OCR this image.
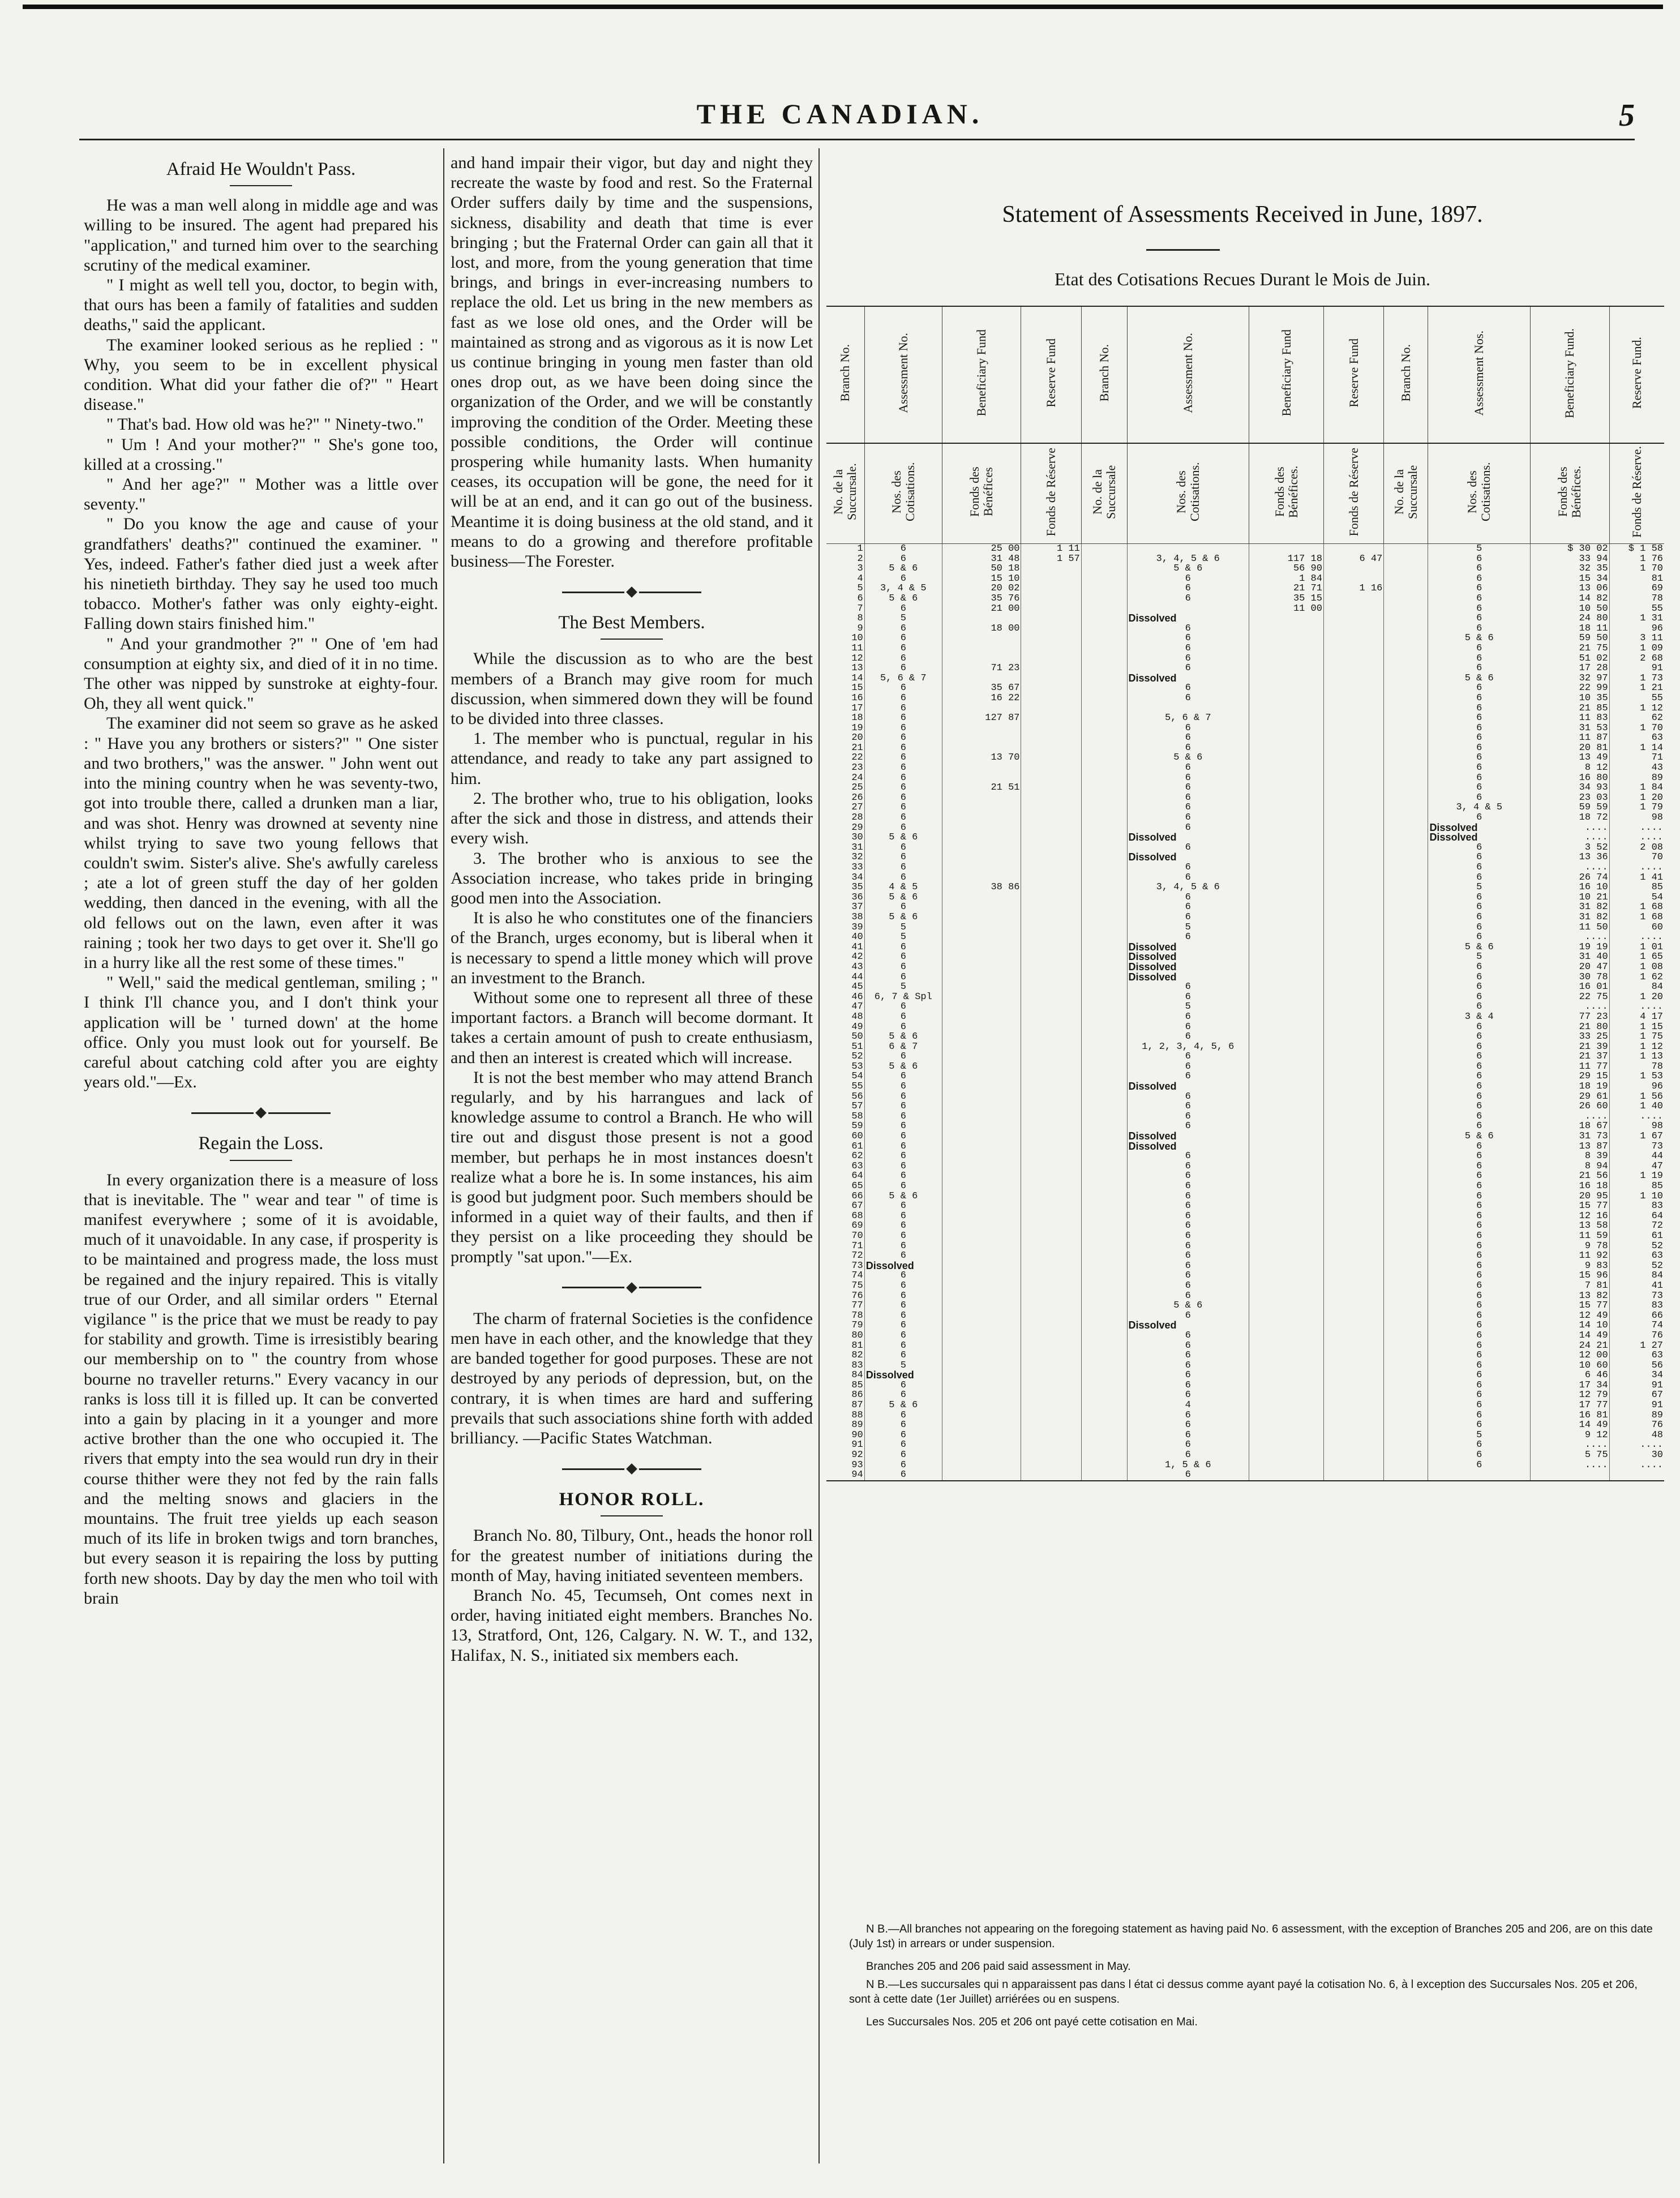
THE CANADIAN.	5
Afraid He Wouldn't Pass.

He was a man well along in middle age and was willing to be insured. The agent had prepared his "application," and turned him over to the searching scrutiny of the medical examiner.

" I might as well tell you, doctor, to begin with, that ours has been a family of fatalities and sudden deaths," said the applicant.

The examiner looked serious as he replied : " Why, you seem to be in excellent physical condition. What did your father die of?" " Heart disease."

" That's bad. How old was he?" " Ninety-two."

" Um ! And your mother?" " She's gone too, killed at a crossing."

" And her age?" " Mother was a little over seventy."

" Do you know the age and cause of your grandfathers' deaths?" continued the examiner. " Yes, indeed. Father's father died just a week after his ninetieth birthday. They say he used too much tobacco. Mother's father was only eighty-eight. Falling down stairs finished him."

" And your grandmother ?" " One of 'em had consumption at eighty six, and died of it in no time. The other was nipped by sunstroke at eighty-four. Oh, they all went quick."

The examiner did not seem so grave as he asked : " Have you any brothers or sisters?" " One sister and two brothers," was the answer. " John went out into the mining country when he was seventy-two, got into trouble there, called a drunken man a liar, and was shot. Henry was drowned at seventy nine whilst trying to save two young fellows that couldn't swim. Sister's alive. She's awfully careless ; ate a lot of green stuff the day of her golden wedding, then danced in the evening, with all the old fellows out on the lawn, even after it was raining ; took her two days to get over it. She'll go in a hurry like all the rest some of these times."

" Well," said the medical gentleman, smiling ; " I think I'll chance you, and I don't think your application will be ' turned down' at the home office. Only you must look out for yourself. Be careful about catching cold after you are eighty years old."—Ex.

Regain the Loss.

In every organization there is a measure of loss that is inevitable. The " wear and tear " of time is manifest everywhere ; some of it is avoidable, much of it unavoidable. In any case, if prosperity is to be maintained and progress made, the loss must be regained and the injury repaired. This is vitally true of our Order, and all similar orders " Eternal vigilance " is the price that we must be ready to pay for stability and growth. Time is irresistibly bearing our membership on to " the country from whose bourne no traveller returns." Every vacancy in our ranks is loss till it is filled up. It can be converted into a gain by placing in it a younger and more active brother than the one who occupied it. The rivers that empty into the sea would run dry in their course thither were they not fed by the rain falls and the melting snows and glaciers in the mountains. The fruit tree yields up each season much of its life in broken twigs and torn branches, but every season it is repairing the loss by putting forth new shoots. Day by day the men who toil with brain

and hand impair their vigor, but day and night they recreate the waste by food and rest. So the Fraternal Order suffers daily by time and the suspensions, sickness, disability and death that time is ever bringing ; but the Fraternal Order can gain all that it lost, and more, from the young generation that time brings, and brings in ever-increasing numbers to replace the old. Let us bring in the new members as fast as we lose old ones, and the Order will be maintained as strong and as vigorous as it is now Let us continue bringing in young men faster than old ones drop out, as we have been doing since the organization of the Order, and we will be constantly improving the condition of the Order. Meeting these possible conditions, the Order will continue prospering while humanity lasts. When humanity ceases, its occupation will be gone, the need for it will be at an end, and it can go out of the business. Meantime it is doing business at the old stand, and it means to do a growing and therefore profitable business—The Forester.

The Best Members.

While the discussion as to who are the best members of a Branch may give room for much discussion, when simmered down they will be found to be divided into three classes.

1. The member who is punctual, regular in his attendance, and ready to take any part assigned to him.

2. The brother who, true to his obligation, looks after the sick and those in distress, and attends their every wish.

3. The brother who is anxious to see the Association increase, who takes pride in bringing good men into the Association.

It is also he who constitutes one of the financiers of the Branch, urges economy, but is liberal when it is necessary to spend a little money which will prove an investment to the Branch.

Without some one to represent all three of these important factors. a Branch will become dormant. It takes a certain amount of push to create enthusiasm, and then an interest is created which will increase.

It is not the best member who may attend Branch regularly, and by his harrangues and lack of knowledge assume to control a Branch. He who will tire out and disgust those present is not a good member, but perhaps he in most instances doesn't realize what a bore he is. In some instances, his aim is good but judgment poor. Such members should be informed in a quiet way of their faults, and then if they persist on a like proceeding they should be promptly "sat upon."—Ex.

The charm of fraternal Societies is the confidence men have in each other, and the knowledge that they are banded together for good purposes. These are not destroyed by any periods of depression, but, on the contrary, it is when times are hard and suffering prevails that such associations shine forth with added brilliancy. —Pacific States Watchman.

HONOR ROLL.

Branch No. 80, Tilbury, Ont., heads the honor roll for the greatest number of initiations during the month of May, having initiated seventeen members.

Branch No. 45, Tecumseh, Ont comes next in order, having initiated eight members. Branches No. 13, Stratford, Ont, 126, Calgary. N. W. T., and 132, Halifax, N. S., initiated six members each.

Statement of Assessments Received in June, 1897.
Etat des Cotisations Recues Durant le Mois de Juin.
Branch No.	Assessment No.	Beneficiary Fund	Reserve Fund	Branch No.	Assessment No.	Beneficiary Fund	Reserve Fund	Branch No.	Assessment Nos.	Beneficiary Fund.	Reserve Fund.
No. de la Succursale.	Nos. des Cotisations.	Fonds des Bénéfices	Fonds de Réserve	No. de la Succursale	Nos. des Cotisations.	Fonds des Bénéfices.	Fonds de Réserve	No. de la Succursale	Nos. des Cotisations.	Fonds des Bénéfices.	Fonds de Réserve.
1	6	25 00	1 11						5	$ 30 02	$ 1 58
2	6	31 48	1 57		3, 4, 5 & 6	117 18	6 47		6	33 94	1 76
3	5 & 6	50 18			5 & 6	56 90			6	32 35	1 70
4	6	15 10			6	1 84			6	15 34	81
5	3, 4 & 5	20 02			6	21 71	1 16		6	13 06	69
6	5 & 6	35 76			6	35 15			6	14 82	78
7	6	21 00				11 00			6	10 50	55
8	5				Dissolved				6	24 80	1 31
9	6	18 00			6				6	18 11	96
10	6				6				5 & 6	59 50	3 11
11	6				6				6	21 75	1 09
12	6				6				6	51 02	2 68
13	6	71 23			6				6	17 28	91
14	5, 6 & 7				Dissolved				5 & 6	32 97	1 73
15	6	35 67			6				6	22 99	1 21
16	6	16 22			6				6	10 35	55
17	6								6	21 85	1 12
18	6	127 87			5, 6 & 7				6	11 83	62
19	6				6				6	31 53	1 70
20	6				6				6	11 87	63
21	6				6				6	20 81	1 14
22	6	13 70			5 & 6				6	13 49	71
23	6				6				6	8 12	43
24	6				6				6	16 80	89
25	6	21 51			6				6	34 93	1 84
26	6				6				6	23 03	1 20
27	6				6				3, 4 & 5	59 59	1 79
28	6				6				6	18 72	98
29	6				6				Dissolved	....	....
30	5 & 6				Dissolved				Dissolved	....	....
31	6				6				6	3 52	2 08
32	6				Dissolved				6	13 36	70
33	6				6				6	....	....
34	6				6				6	26 74	1 41
35	4 & 5	38 86			3, 4, 5 & 6				5	16 10	85
36	5 & 6				6				6	10 21	54
37	6				6				6	31 82	1 68
38	5 & 6				6				6	31 82	1 68
39	5				5				6	11 50	60
40	5				6				6	....	....
41	6				Dissolved				5 & 6	19 19	1 01
42	6				Dissolved				5	31 40	1 65
43	6				Dissolved				6	20 47	1 08
44	6				Dissolved				6	30 78	1 62
45	5				6				6	16 01	84
46	6, 7 & Spl				6				6	22 75	1 20
47	6				5				6	....	....
48	6				6				3 & 4	77 23	4 17
49	6				6				6	21 80	1 15
50	5 & 6				6				6	33 25	1 75
51	6 & 7				1, 2, 3, 4, 5, 6				6	21 39	1 12
52	6				6				6	21 37	1 13
53	5 & 6				6				6	11 77	78
54	6				6				6	29 15	1 53
55	6				Dissolved				6	18 19	96
56	6				6				6	29 61	1 56
57	6				6				6	26 60	1 40
58	6				6				6	....	....
59	6				6				6	18 67	98
60	6				Dissolved				5 & 6	31 73	1 67
61	6				Dissolved				6	13 87	73
62	6				6				6	8 39	44
63	6				6				6	8 94	47
64	6				6				6	21 56	1 19
65	6				6				6	16 18	85
66	5 & 6				6				6	20 95	1 10
67	6				6				6	15 77	83
68	6				6				6	12 16	64
69	6				6				6	13 58	72
70	6				6				6	11 59	61
71	6				6				6	9 78	52
72	6				6				6	11 92	63
73	Dissolved				6				6	9 83	52
74	6				6				6	15 96	84
75	6				6				6	7 81	41
76	6				6				6	13 82	73
77	6				5 & 6				6	15 77	83
78	6				6				6	12 49	66
79	6				Dissolved				6	14 10	74
80	6				6				6	14 49	76
81	6				6				6	24 21	1 27
82	6				6				6	12 00	63
83	5				6				6	10 60	56
84	Dissolved				6				6	6 46	34
85	6				6				6	17 34	91
86	6				6				6	12 79	67
87	5 & 6				4				6	17 77	91
88	6				6				6	16 81	89
89	6				6				6	14 49	76
90	6				6				5	9 12	48
91	6				6				6	....	....
92	6				6				6	5 75	30
93	6				1, 5 & 6				6	....	....
94	6				6						

N B.—All branches not appearing on the foregoing statement as having paid No. 6 assessment, with the exception of Branches 205 and 206, are on this date (July 1st) in arrears or under suspension.

Branches 205 and 206 paid said assessment in May.

N B.—Les succursales qui n apparaissent pas dans l état ci dessus comme ayant payé la cotisation No. 6, à l exception des Succursales Nos. 205 et 206, sont à cette date (1er Juillet) arriérées ou en suspens.

Les Succursales Nos. 205 et 206 ont payé cette cotisation en Mai.
